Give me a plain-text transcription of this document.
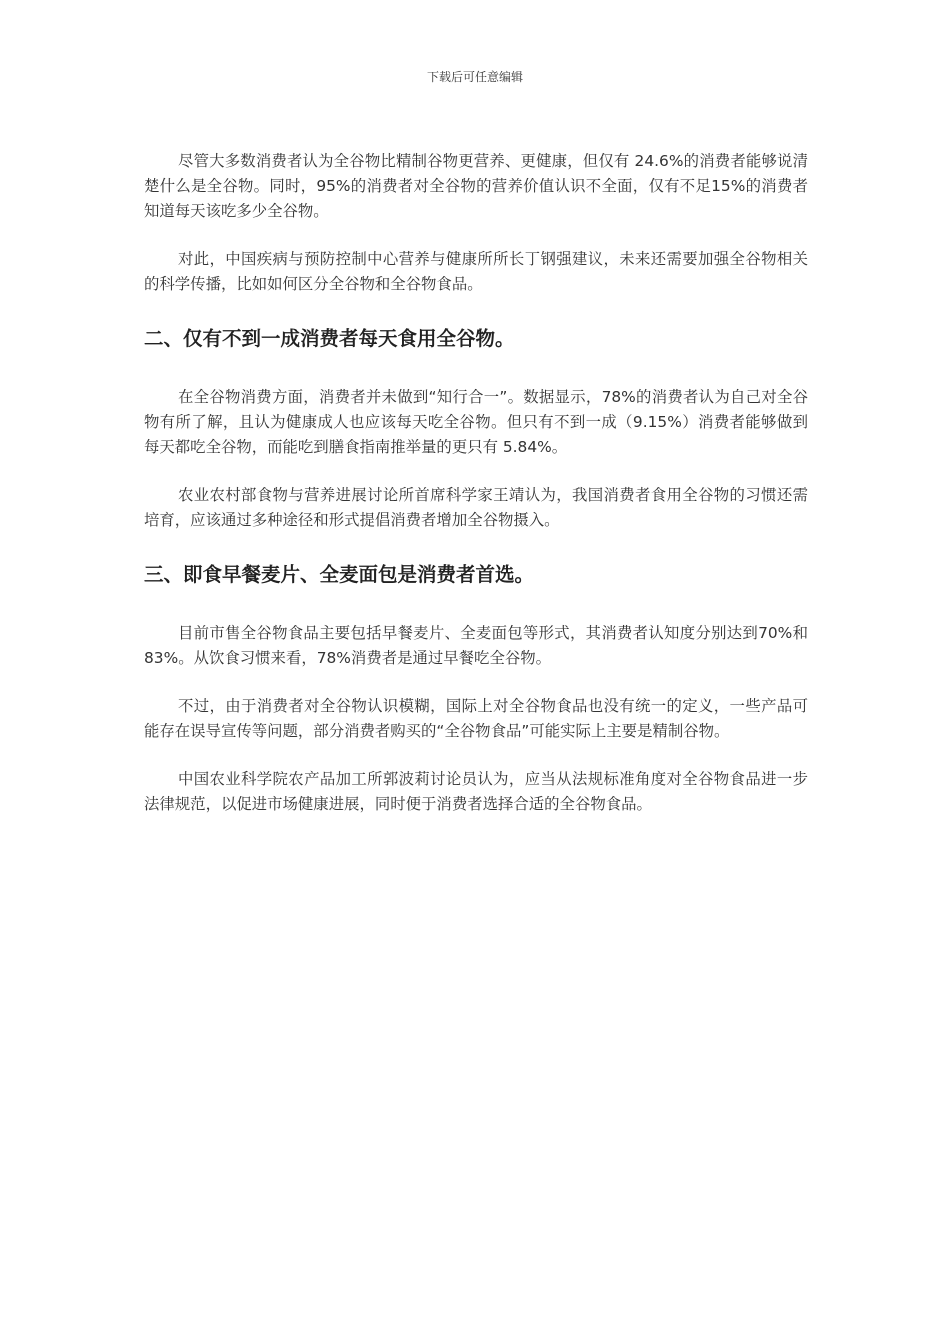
下载后可任意编辑

尽管大多数消费者认为全谷物比精制谷物更营养、更健康，但仅有 24.6%的消费者能够说清楚什么是全谷物。同时，95%的消费者对全谷物的营养价值认识不全面，仅有不足15%的消费者知道每天该吃多少全谷物。

对此，中国疾病与预防控制中心营养与健康所所长丁钢强建议，未来还需要加强全谷物相关的科学传播，比如如何区分全谷物和全谷物食品。

二、仅有不到一成消费者每天食用全谷物。

在全谷物消费方面，消费者并未做到“知行合一”。数据显示，78%的消费者认为自己对全谷物有所了解，且认为健康成人也应该每天吃全谷物。但只有不到一成（9.15%）消费者能够做到每天都吃全谷物，而能吃到膳食指南推举量的更只有 5.84%。

农业农村部食物与营养进展讨论所首席科学家王靖认为，我国消费者食用全谷物的习惯还需培育，应该通过多种途径和形式提倡消费者增加全谷物摄入。

三、即食早餐麦片、全麦面包是消费者首选。

目前市售全谷物食品主要包括早餐麦片、全麦面包等形式，其消费者认知度分别达到70%和 83%。从饮食习惯来看，78%消费者是通过早餐吃全谷物。

不过，由于消费者对全谷物认识模糊，国际上对全谷物食品也没有统一的定义，一些产品可能存在误导宣传等问题，部分消费者购买的“全谷物食品”可能实际上主要是精制谷物。

中国农业科学院农产品加工所郭波莉讨论员认为，应当从法规标准角度对全谷物食品进一步法律规范，以促进市场健康进展，同时便于消费者选择合适的全谷物食品。
